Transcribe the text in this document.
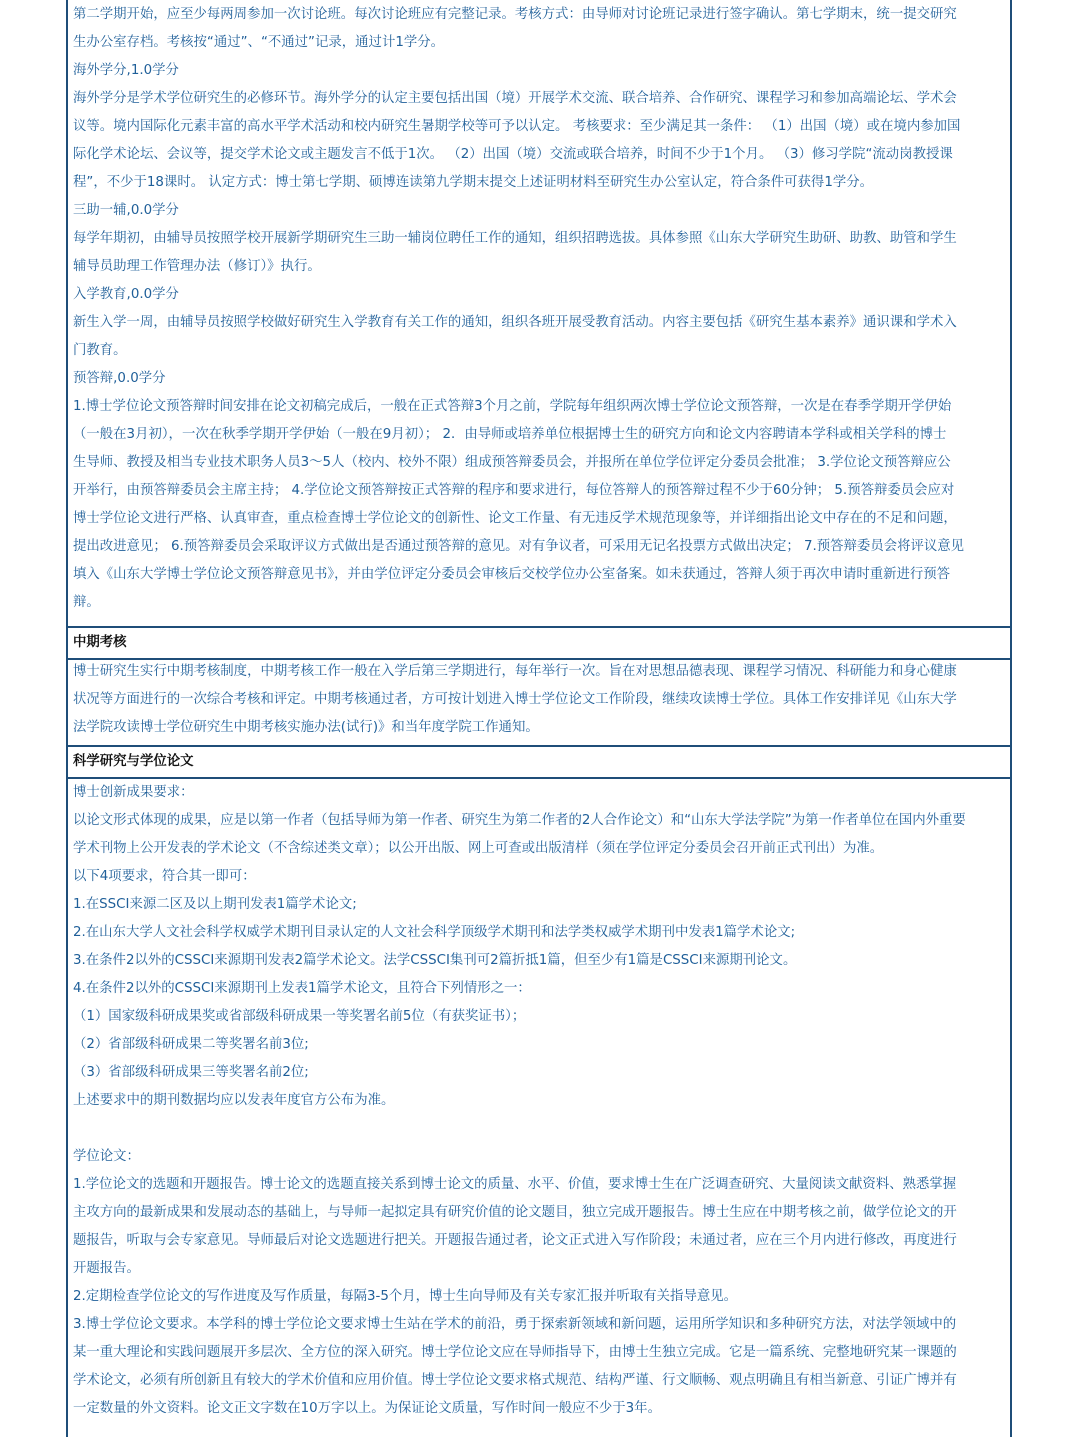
第二学期开始，应至少每两周参加一次讨论班。每次讨论班应有完整记录。考核方式：由导师对讨论班记录进行签字确认。第七学期末，统一提交研究
生办公室存档。考核按“通过”、“不通过”记录，通过计1学分。
海外学分,1.0学分
海外学分是学术学位研究生的必修环节。海外学分的认定主要包括出国（境）开展学术交流、联合培养、合作研究、课程学习和参加高端论坛、学术会
议等。境内国际化元素丰富的高水平学术活动和校内研究生暑期学校等可予以认定。 考核要求：至少满足其一条件： （1）出国（境）或在境内参加国
际化学术论坛、会议等，提交学术论文或主题发言不低于1次。 （2）出国（境）交流或联合培养，时间不少于1个月。 （3）修习学院“流动岗教授课
程”，不少于18课时。 认定方式：博士第七学期、硕博连读第九学期末提交上述证明材料至研究生办公室认定，符合条件可获得1学分。
三助一辅,0.0学分
每学年期初，由辅导员按照学校开展新学期研究生三助一辅岗位聘任工作的通知，组织招聘选拔。具体参照《山东大学研究生助研、助教、助管和学生
辅导员助理工作管理办法（修订）》执行。
入学教育,0.0学分
新生入学一周，由辅导员按照学校做好研究生入学教育有关工作的通知，组织各班开展受教育活动。内容主要包括《研究生基本素养》通识课和学术入
门教育。
预答辩,0.0学分
1.博士学位论文预答辩时间安排在论文初稿完成后，一般在正式答辩3个月之前，学院每年组织两次博士学位论文预答辩，一次是在春季学期开学伊始
（一般在3月初），一次在秋季学期开学伊始（一般在9月初）； 2．由导师或培养单位根据博士生的研究方向和论文内容聘请本学科或相关学科的博士
生导师、教授及相当专业技术职务人员3～5人（校内、校外不限）组成预答辩委员会，并报所在单位学位评定分委员会批准； 3.学位论文预答辩应公
开举行，由预答辩委员会主席主持； 4.学位论文预答辩按正式答辩的程序和要求进行，每位答辩人的预答辩过程不少于60分钟； 5.预答辩委员会应对
博士学位论文进行严格、认真审查，重点检查博士学位论文的创新性、论文工作量、有无违反学术规范现象等，并详细指出论文中存在的不足和问题，
提出改进意见； 6.预答辩委员会采取评议方式做出是否通过预答辩的意见。对有争议者，可采用无记名投票方式做出决定； 7.预答辩委员会将评议意见
填入《山东大学博士学位论文预答辩意见书》，并由学位评定分委员会审核后交校学位办公室备案。如未获通过，答辩人须于再次申请时重新进行预答
辩。
中期考核
博士研究生实行中期考核制度，中期考核工作一般在入学后第三学期进行，每年举行一次。旨在对思想品德表现、课程学习情况、科研能力和身心健康
状况等方面进行的一次综合考核和评定。中期考核通过者，方可按计划进入博士学位论文工作阶段，继续攻读博士学位。具体工作安排详见《山东大学
法学院攻读博士学位研究生中期考核实施办法(试行)》和当年度学院工作通知。
科学研究与学位论文
博士创新成果要求：
以论文形式体现的成果，应是以第一作者（包括导师为第一作者、研究生为第二作者的2人合作论文）和“山东大学法学院”为第一作者单位在国内外重要
学术刊物上公开发表的学术论文（不含综述类文章）；以公开出版、网上可查或出版清样（须在学位评定分委员会召开前正式刊出）为准。
以下4项要求，符合其一即可：
1.在SSCI来源二区及以上期刊发表1篇学术论文;
2.在山东大学人文社会科学权威学术期刊目录认定的人文社会科学顶级学术期刊和法学类权威学术期刊中发表1篇学术论文;
3.在条件2以外的CSSCI来源期刊发表2篇学术论文。法学CSSCI集刊可2篇折抵1篇，但至少有1篇是CSSCI来源期刊论文。
4.在条件2以外的CSSCI来源期刊上发表1篇学术论文，且符合下列情形之一：
（1）国家级科研成果奖或省部级科研成果一等奖署名前5位（有获奖证书）；
（2）省部级科研成果二等奖署名前3位;
（3）省部级科研成果三等奖署名前2位;
上述要求中的期刊数据均应以发表年度官方公布为准。
学位论文：
1.学位论文的选题和开题报告。博士论文的选题直接关系到博士论文的质量、水平、价值，要求博士生在广泛调查研究、大量阅读文献资料、熟悉掌握
主攻方向的最新成果和发展动态的基础上，与导师一起拟定具有研究价值的论文题目，独立完成开题报告。博士生应在中期考核之前，做学位论文的开
题报告，听取与会专家意见。导师最后对论文选题进行把关。开题报告通过者，论文正式进入写作阶段；未通过者，应在三个月内进行修改，再度进行
开题报告。
2.定期检查学位论文的写作进度及写作质量，每隔3-5个月，博士生向导师及有关专家汇报并听取有关指导意见。
3.博士学位论文要求。本学科的博士学位论文要求博士生站在学术的前沿，勇于探索新领域和新问题，运用所学知识和多种研究方法，对法学领域中的
某一重大理论和实践问题展开多层次、全方位的深入研究。博士学位论文应在导师指导下，由博士生独立完成。它是一篇系统、完整地研究某一课题的
学术论文，必须有所创新且有较大的学术价值和应用价值。博士学位论文要求格式规范、结构严谨、行文顺畅、观点明确且有相当新意、引证广博并有
一定数量的外文资料。论文正文字数在10万字以上。为保证论文质量，写作时间一般应不少于3年。
